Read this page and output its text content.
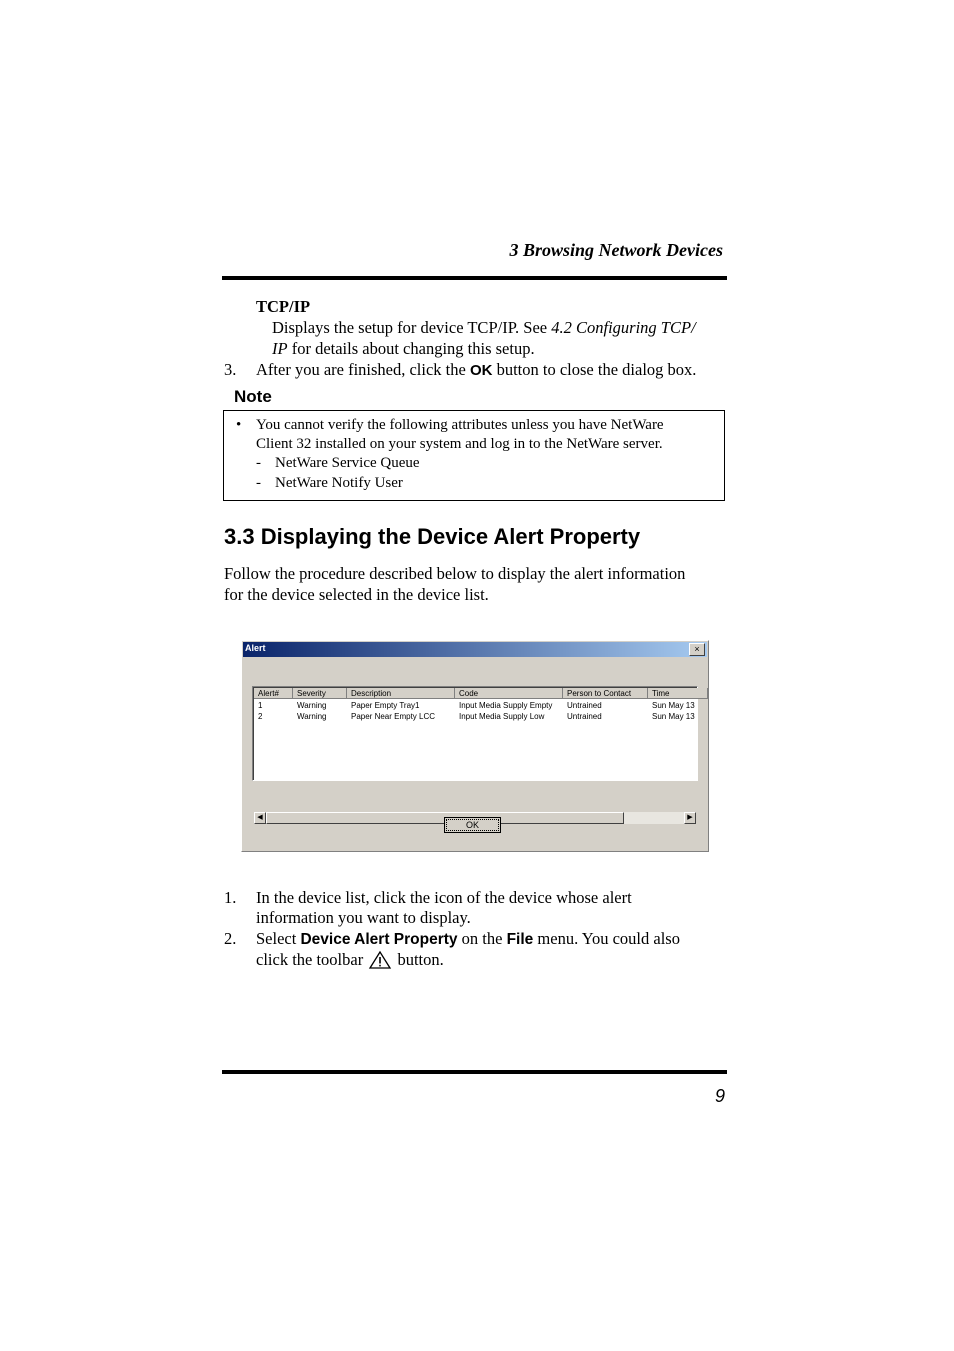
3 Browsing Network Devices
TCP/IP
Displays the setup for device TCP/IP. See 4.2 Configuring TCP/
IP for details about changing this setup.
3. After you are finished, click the OK button to close the dialog box.
Note
• You cannot verify the following attributes unless you have NetWare
Client 32 installed on your system and log in to the NetWare server.
- NetWare Service Queue
- NetWare Notify User
3.3 Displaying the Device Alert Property
Follow the procedure described below to display the alert information
for the device selected in the device list.
Alert	×
Alert#	Severity	Description	Code	Person to Contact	Time
1	Warning	Paper Empty Tray1	Input Media Supply Empty	Untrained	Sun May 13
2	Warning	Paper Near Empty LCC	Input Media Supply Low	Untrained	Sun May 13
◀	▶
OK
1. In the device list, click the icon of the device whose alert
information you want to display.
2. Select Device Alert Property on the File menu. You could also
click the toolbar  button.
9
